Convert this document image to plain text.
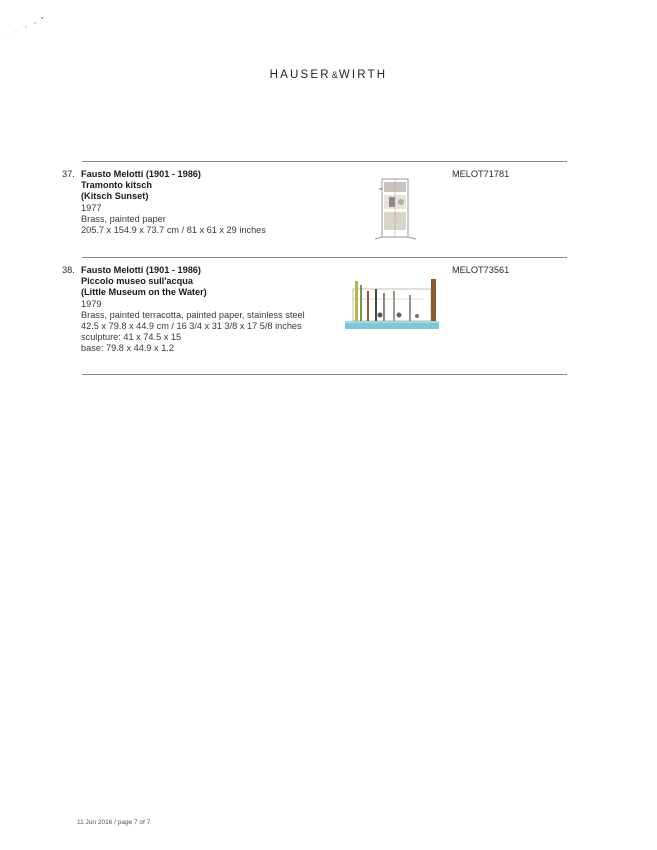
HAUSER&WIRTH
37. Fausto Melotti (1901 - 1986)
Tramonto kitsch
(Kitsch Sunset)
1977
Brass, painted paper
205.7 x 154.9 x 73.7 cm / 81 x 61 x 29 inches
MELOT71781
38. Fausto Melotti (1901 - 1986)
Piccolo museo sull'acqua
(Little Museum on the Water)
1979
Brass, painted terracotta, painted paper, stainless steel
42.5 x 79.8 x 44.9 cm / 16 3/4 x 31 3/8 x 17 5/8 inches
sculpture: 41 x 74.5 x 15
base: 79.8 x 44.9 x 1.2
MELOT73561
11 Jun 2016 / page 7 of 7
